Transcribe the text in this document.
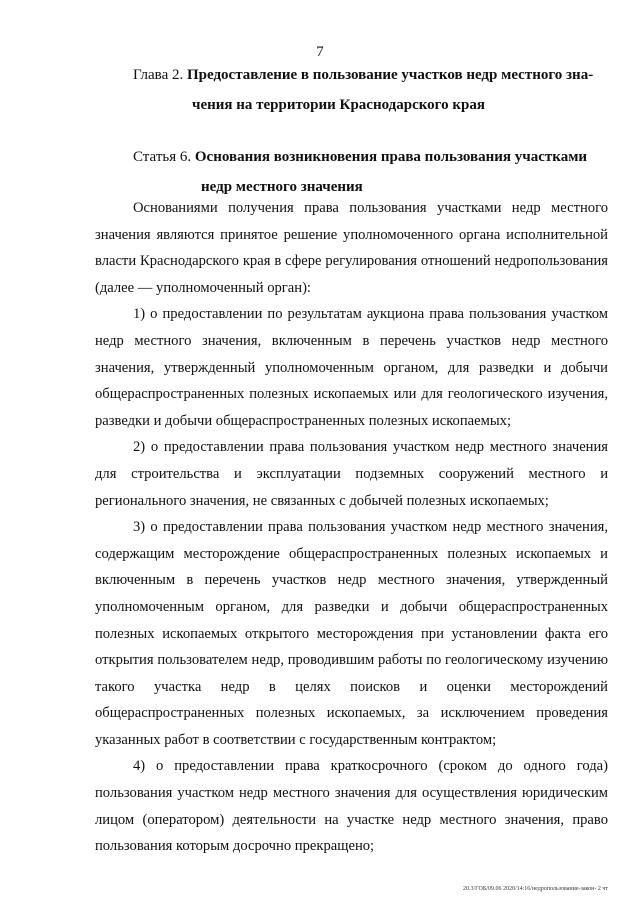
7
Глава 2. Предоставление в пользование участков недр местного зна-
чения на территории Краснодарского края
Статья 6. Основания возникновения права пользования участками
недр местного значения

Основаниями получения права пользования участками недр местного значения являются принятое решение уполномоченного органа исполнительной власти Краснодарского края в сфере регулирования отношений недропользования (далее — уполномоченный орган):

1) о предоставлении по результатам аукциона права пользования участком недр местного значения, включенным в перечень участков недр местного значения, утвержденный уполномоченным органом, для разведки и добычи общераспространенных полезных ископаемых или для геологического изучения, разведки и добычи общераспространенных полезных ископаемых;

2) о предоставлении права пользования участком недр местного значения для строительства и эксплуатации подземных сооружений местного и регионального значения, не связанных с добычей полезных ископаемых;

3) о предоставлении права пользования участком недр местного значения, содержащим месторождение общераспространенных полезных ископаемых и включенным в перечень участков недр местного значения, утвержденный уполномоченным органом, для разведки и добычи общераспространенных полезных ископаемых открытого месторождения при установлении факта его открытия пользователем недр, проводившим работы по геологическому изучению такого участка недр в целях поисков и оценки месторождений общераспространенных полезных ископаемых, за исключением проведения указанных работ в соответствии с государственным контрактом;

4) о предоставлении права краткосрочного (сроком до одного года) пользования участком недр местного значения для осуществления юридическим лицом (оператором) деятельности на участке недр местного значения, право пользования которым досрочно прекращено;

20.3/ГОБ/09.06 2020/14:16/недропользование-закон- 2 чт
